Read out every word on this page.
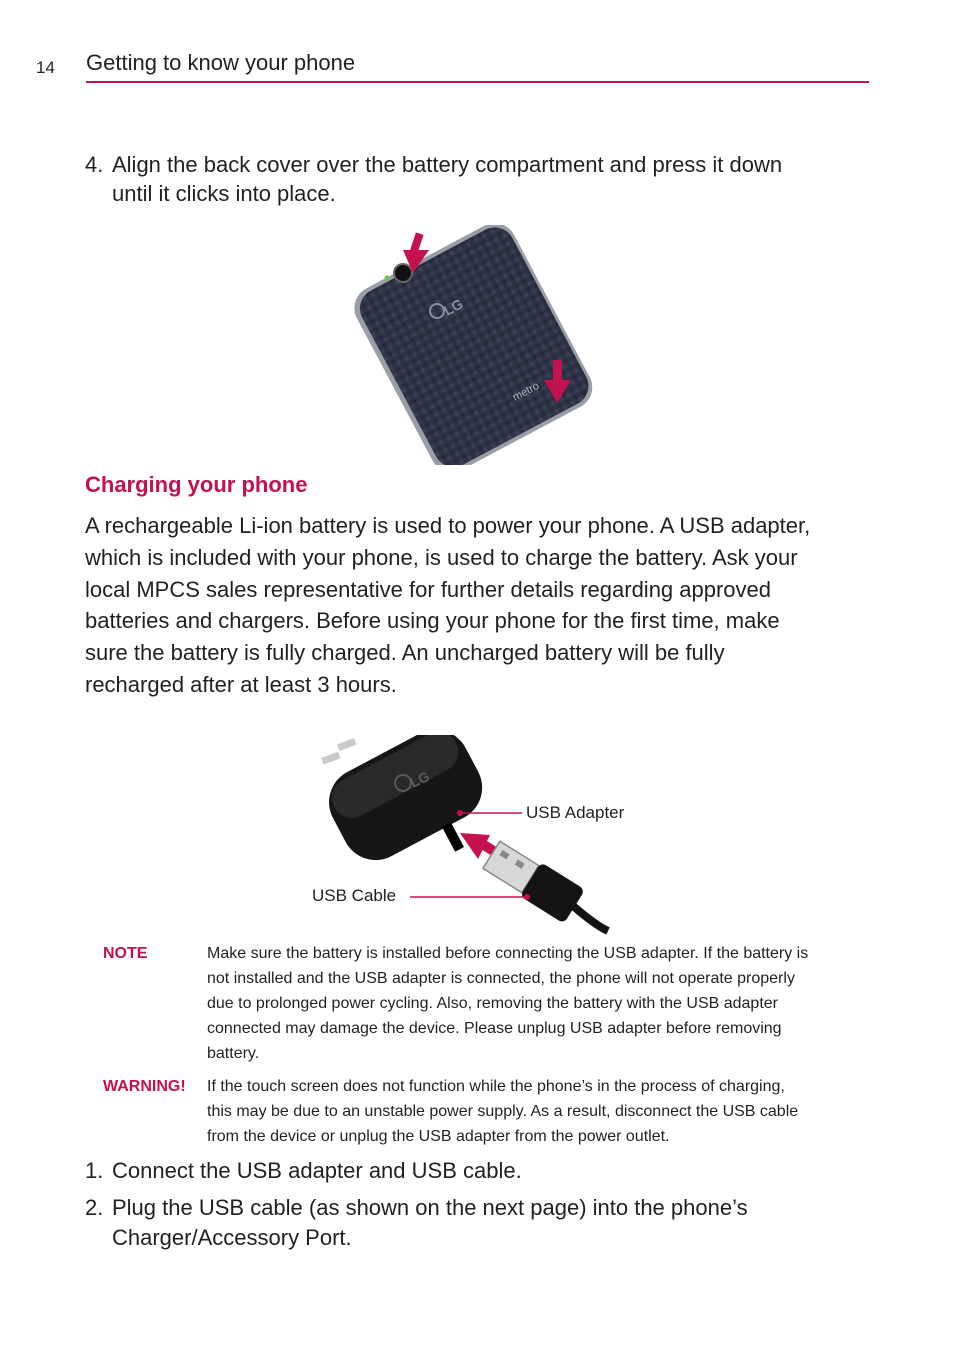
14 Getting to know your phone
4. Align the back cover over the battery compartment and press it down
until it clicks into place.
LG
metro
Charging your phone
A rechargeable Li-ion battery is used to power your phone. A USB adapter,
which is included with your phone, is used to charge the battery. Ask your
local MPCS sales representative for further details regarding approved
batteries and chargers. Before using your phone for the first time, make
sure the battery is fully charged. An uncharged battery will be fully
recharged after at least 3 hours.
LG
USB Adapter
USB Cable
NOTE	Make sure the battery is installed before connecting the USB adapter. If the battery is
not installed and the USB adapter is connected, the phone will not operate properly
due to prolonged power cycling. Also, removing the battery with the USB adapter
connected may damage the device. Please unplug USB adapter before removing
battery.
WARNING! If the touch screen does not function while the phone’s in the process of charging,
this may be due to an unstable power supply. As a result, disconnect the USB cable
from the device or unplug the USB adapter from the power outlet.
1. Connect the USB adapter and USB cable.
2. Plug the USB cable (as shown on the next page) into the phone’s
Charger/Accessory Port.
